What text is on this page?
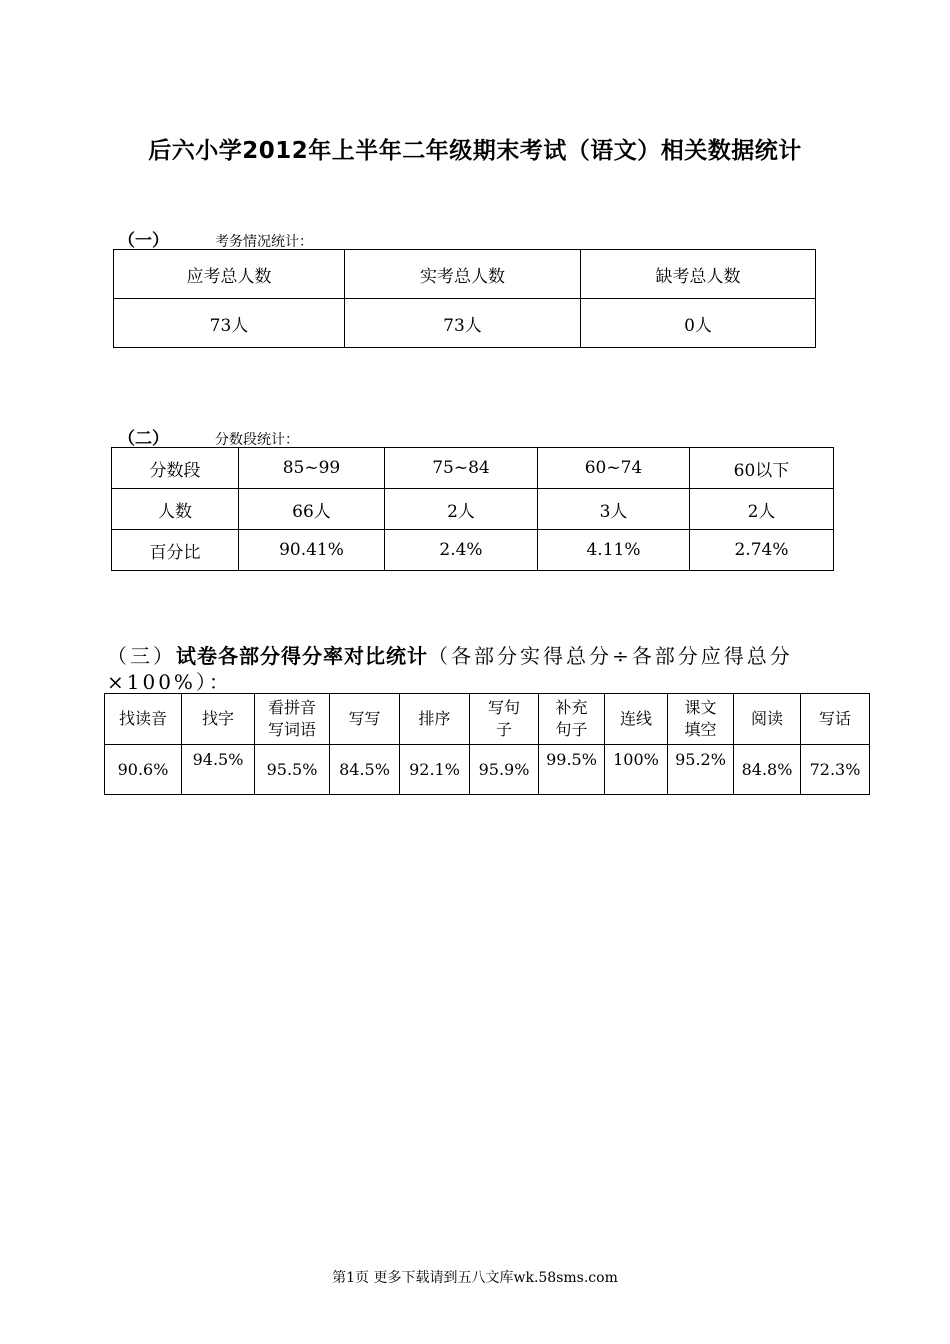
后六小学2012年上半年二年级期末考试（语文）相关数据统计
（一）	考务情况统计：
应考总人数	实考总人数	缺考总人数
73人	73人	0人
（二）	分数段统计：
分数段	85~99	75~84	60~74	60以下
人数	66人	2人	3人	2人
百分比	90.41%	2.4%	4.11%	2.74%
（三）试卷各部分得分率对比统计（各部分实得总分÷各部分应得总分×100%）：
找读音	找字	看拼音写词语	写写	排序	写句子	补充句子	连线	课文填空	阅读	写话
90.6%	94.5%	95.5%	84.5%	92.1%	95.9%	99.5%	100%	95.2%	84.8%	72.3%
第1页 更多下载请到五八文库wk.58sms.com
